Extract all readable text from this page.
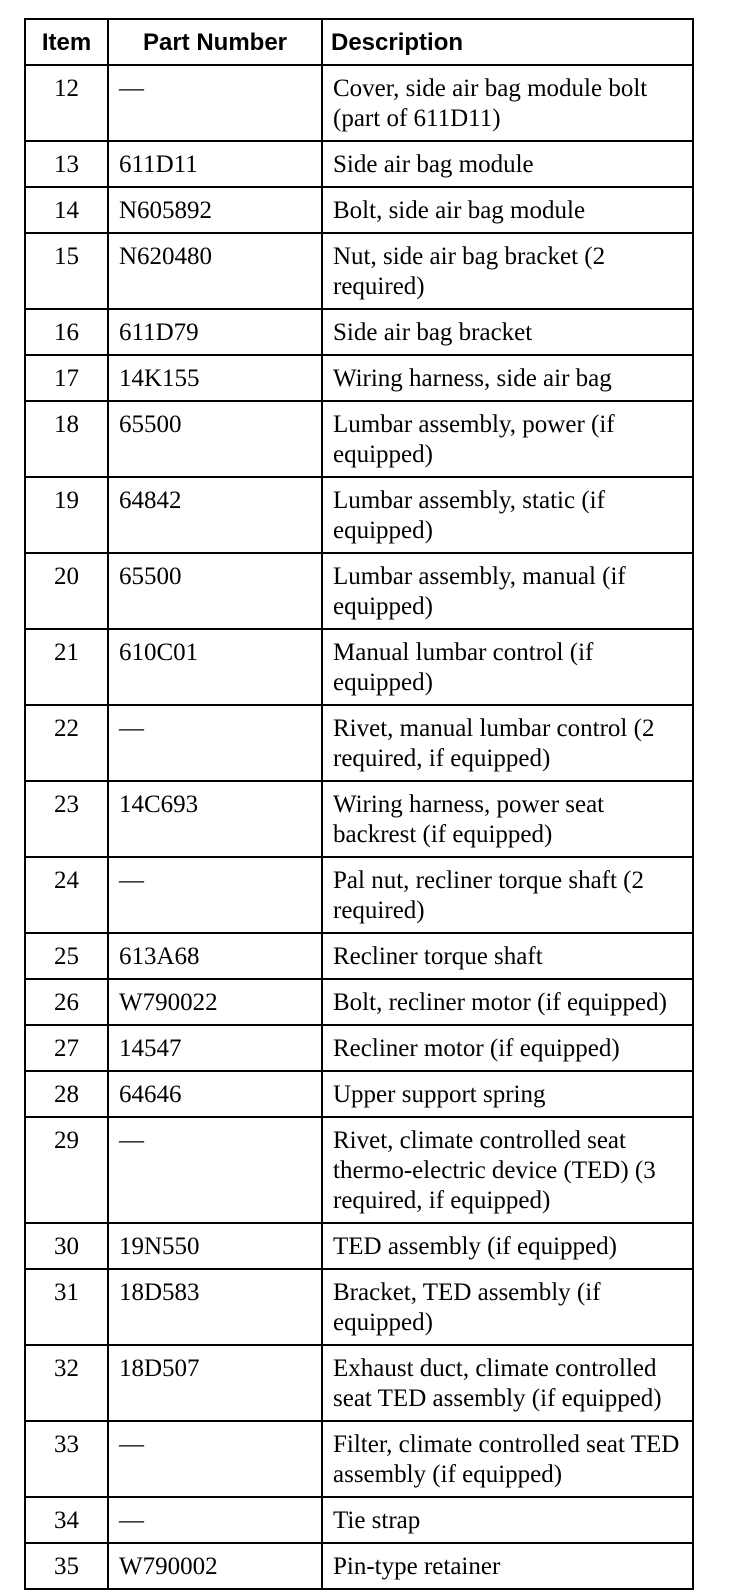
Item	Part Number	Description
12	—	Cover, side air bag module bolt (part of 611D11)
13	611D11	Side air bag module
14	N605892	Bolt, side air bag module
15	N620480	Nut, side air bag bracket (2 required)
16	611D79	Side air bag bracket
17	14K155	Wiring harness, side air bag
18	65500	Lumbar assembly, power (if equipped)
19	64842	Lumbar assembly, static (if equipped)
20	65500	Lumbar assembly, manual (if equipped)
21	610C01	Manual lumbar control (if equipped)
22	—	Rivet, manual lumbar control (2 required, if equipped)
23	14C693	Wiring harness, power seat backrest (if equipped)
24	—	Pal nut, recliner torque shaft (2 required)
25	613A68	Recliner torque shaft
26	W790022	Bolt, recliner motor (if equipped)
27	14547	Recliner motor (if equipped)
28	64646	Upper support spring
29	—	Rivet, climate controlled seat thermo-electric device (TED) (3 required, if equipped)
30	19N550	TED assembly (if equipped)
31	18D583	Bracket, TED assembly (if equipped)
32	18D507	Exhaust duct, climate controlled seat TED assembly (if equipped)
33	—	Filter, climate controlled seat TED assembly (if equipped)
34	—	Tie strap
35	W790002	Pin-type retainer
